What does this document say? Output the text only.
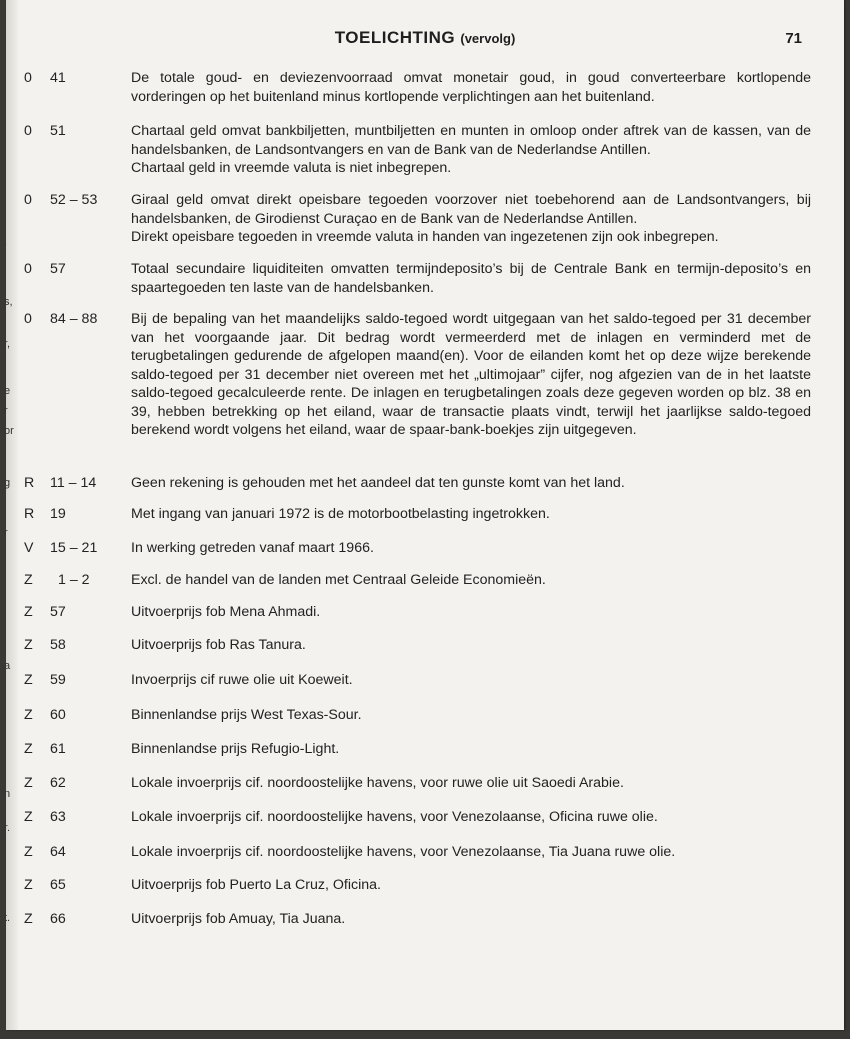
TOELICHTING (vervolg)	71
,
s,
r,
e
r
or
g
r
a
n
r.
t.
0	41	De totale goud- en deviezenvoorraad omvat monetair goud, in goud converteerbare kortlopende vorderingen op het buitenland minus kortlopende verplichtingen aan het buitenland.

0	51	Chartaal geld omvat bankbiljetten, muntbiljetten en munten in omloop onder aftrek van de kassen, van de handelsbanken, de Landsontvangers en van de Bank van de Nederlandse Antillen.

Chartaal geld in vreemde valuta is niet inbegrepen.

0	52 – 53	Giraal geld omvat direkt opeisbare tegoeden voorzover niet toebehorend aan de Landsontvangers, bij handelsbanken, de Girodienst Curaçao en de Bank van de Nederlandse Antillen.

Direkt opeisbare tegoeden in vreemde valuta in handen van ingezetenen zijn ook inbegrepen.

0	57	Totaal secundaire liquiditeiten omvatten termijndeposito’s bij de Centrale Bank en termijn-deposito’s en spaartegoeden ten laste van de handelsbanken.

0	84 – 88	Bij de bepaling van het maandelijks saldo-tegoed wordt uitgegaan van het saldo-tegoed per 31 december van het voorgaande jaar. Dit bedrag wordt vermeerderd met de inlagen en verminderd met de terugbetalingen gedurende de afgelopen maand(en). Voor de eilanden komt het op deze wijze berekende saldo-tegoed per 31 december niet overeen met het „ultimojaar” cijfer, nog afgezien van de in het laatste saldo-tegoed gecalculeerde rente. De inlagen en terugbetalingen zoals deze gegeven worden op blz. 38 en 39, hebben betrekking op het eiland, waar de transactie plaats vindt, terwijl het jaarlijkse saldo-tegoed berekend wordt volgens het eiland, waar de spaar-bank-boekjes zijn uitgegeven.

R	11 – 14	Geen rekening is gehouden met het aandeel dat ten gunste komt van het land.

R	19	Met ingang van januari 1972 is de motorbootbelasting ingetrokken.

V	15 – 21	In werking getreden vanaf maart 1966.

Z	1 – 2	Excl. de handel van de landen met Centraal Geleide Economieën.

Z	57	Uitvoerprijs fob Mena Ahmadi.

Z	58	Uitvoerprijs fob Ras Tanura.

Z	59	Invoerprijs cif ruwe olie uit Koeweit.

Z	60	Binnenlandse prijs West Texas-Sour.

Z	61	Binnenlandse prijs Refugio-Light.

Z	62	Lokale invoerprijs cif. noordoostelijke havens, voor ruwe olie uit Saoedi Arabie.

Z	63	Lokale invoerprijs cif. noordoostelijke havens, voor Venezolaanse, Oficina ruwe olie.

Z	64	Lokale invoerprijs cif. noordoostelijke havens, voor Venezolaanse, Tia Juana ruwe olie.

Z	65	Uitvoerprijs fob Puerto La Cruz, Oficina.

Z	66	Uitvoerprijs fob Amuay, Tia Juana.
